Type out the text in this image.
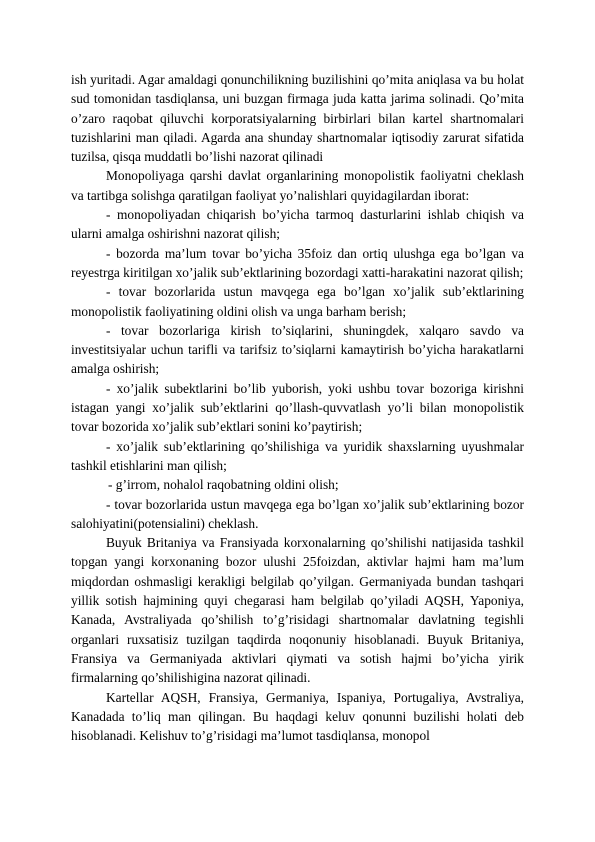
ish yuritadi. Agar amaldagi qonunchilikning buzilishini qo’mita aniqlasa va bu holat sud tomonidan tasdiqlansa, uni buzgan firmaga juda katta jarima solinadi. Qo’mita o’zaro raqobat qiluvchi korporatsiyalarning birbirlari bilan kartel shartnomalari tuzishlarini man qiladi. Agarda ana shunday shartnomalar iqtisodiy zarurat sifatida tuzilsa, qisqa muddatli bo’lishi nazorat qilinadi

Monopoliyaga qarshi davlat organlarining monopolistik faoliyatni cheklash va tartibga solishga qaratilgan faoliyat yo’nalishlari quyidagilardan iborat:

- monopoliyadan chiqarish bo’yicha tarmoq dasturlarini ishlab chiqish va ularni amalga oshirishni nazorat qilish;

- bozorda ma’lum tovar bo’yicha 35foiz dan ortiq ulushga ega bo’lgan va reyestrga kiritilgan xo’jalik sub’ektlarining bozordagi xatti-harakatini nazorat qilish;

- tovar bozorlarida ustun mavqega ega bo’lgan xo’jalik sub’ektlarining monopolistik faoliyatining oldini olish va unga barham berish;

- tovar bozorlariga kirish to’siqlarini, shuningdek, xalqaro savdo va investitsiyalar uchun tarifli va tarifsiz to’siqlarni kamaytirish bo’yicha harakatlarni amalga oshirish;

- xo’jalik subektlarini bo’lib yuborish, yoki ushbu tovar bozoriga kirishni istagan yangi xo’jalik sub’ektlarini qo’llash-quvvatlash yo’li bilan monopolistik tovar bozorida xo’jalik sub’ektlari sonini ko’paytirish;

- xo’jalik sub’ektlarining qo’shilishiga va yuridik shaxslarning uyushmalar tashkil etishlarini man qilish;

- g’irrom, nohalol raqobatning oldini olish;

- tovar bozorlarida ustun mavqega ega bo’lgan xo’jalik sub’ektlarining bozor salohiyatini(potensialini) cheklash.

Buyuk Britaniya va Fransiyada korxonalarning qo’shilishi natijasida tashkil topgan yangi korxonaning bozor ulushi 25foizdan, aktivlar hajmi ham ma’lum miqdordan oshmasligi kerakligi belgilab qo’yilgan. Germaniyada bundan tashqari yillik sotish hajmining quyi chegarasi ham belgilab qo’yiladi AQSH, Yaponiya, Kanada, Avstraliyada qo’shilish to’g’risidagi shartnomalar davlatning tegishli organlari ruxsatisiz tuzilgan taqdirda noqonuniy hisoblanadi. Buyuk Britaniya, Fransiya va Germaniyada aktivlari qiymati va sotish hajmi bo’yicha yirik firmalarning qo’shilishigina nazorat qilinadi.

Kartellar AQSH, Fransiya, Germaniya, Ispaniya, Portugaliya, Avstraliya, Kanadada to’liq man qilingan. Bu haqdagi keluv qonunni buzilishi holati deb hisoblanadi. Kelishuv to’g’risidagi ma’lumot tasdiqlansa, monopol
